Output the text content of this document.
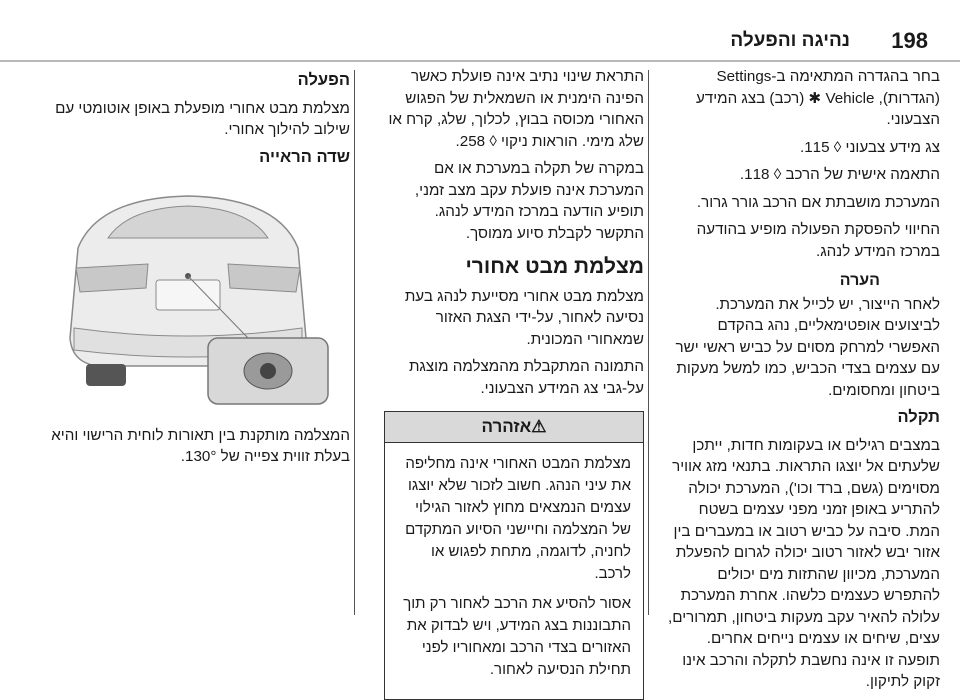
198
נהיגה והפעלה

בחר בהגדרה המתאימה ב-Settings (הגדרות), Vehicle ✱ (רכב) בצג המידע ‏ הצבעוני.

צג מידע צבעוני ◊ 115.

התאמה אישית של הרכב ◊ 118.

המערכת מושבתת אם הרכב גורר גרור.

החיווי להפסקת הפעולה מופיע בהודעה במרכז המידע לנהג.

הערה

לאחר הייצור, יש לכייל את המערכת. לביצועים אופטימאליים, נהג בהקדם האפשרי למרחק מסוים על כביש ראשי ישר עם עצמים בצדי הכביש, כמו למשל מעקות ביטחון ומחסומים.

תקלה

במצבים רגילים או בעקומות חדות, ייתכן שלעתים אל יוצגו התראות. בתנאי מזג אוויר מסוימים (גשם, ברד וכו'), המערכת יכולה להתריע באופן זמני מפני עצמים בשטח המת. סיבה על כביש רטוב או במעברים בין אזור יבש לאזור רטוב יכולה לגרום להפעלת המערכת, מכיוון שהתזות מים יכולים להתפרש כעצמים כלשהו. אחרת המערכת עלולה להאיר עקב מעקות ביטחון, תמרורים, עצים, שיחים או עצמים נייחים אחרים. תופעה זו אינה נחשבת לתקלה והרכב אינו זקוק לתיקון.

התראת שינוי נתיב אינה פועלת כאשר הפינה הימנית או השמאלית של הפגוש האחורי מכוסה בבוץ, לכלוך, שלג, קרח או שלג מימי. הוראות ניקוי ◊ 258.

במקרה של תקלה במערכת או אם המערכת אינה פועלת עקב מצב זמני, תופיע הודעה במרכז המידע לנהג. התקשר לקבלת סיוע ממוסך.

מצלמת מבט אחורי

מצלמת מבט אחורי מסייעת לנהג בעת נסיעה לאחור, על-ידי הצגת האזור שמאחורי המכונית.

התמונה המתקבלת מהמצלמה מוצגת על-גבי צג המידע הצבעוני.

⚠אזהרה

מצלמת המבט האחורי אינה מחליפה את עיני הנהג. חשוב לזכור שלא יוצגו עצמים הנמצאים מחוץ לאזור הגילוי של המצלמה וחיישני הסיוע המתקדם לחניה, לדוגמה, מתחת לפגוש או לרכב.

אסור להסיע את הרכב לאחור רק תוך התבוננות בצג המידע, ויש לבדוק את האזורים בצדי הרכב ומאחוריו לפני תחילת הנסיעה לאחור.

הפעלה

מצלמת מבט אחורי מופעלת באופן אוטומטי עם שילוב להילוך אחורי.

שדה הראייה

המצלמה מותקנת בין תאורות לוחית הרישוי והיא בעלת זווית צפייה של 130°.
